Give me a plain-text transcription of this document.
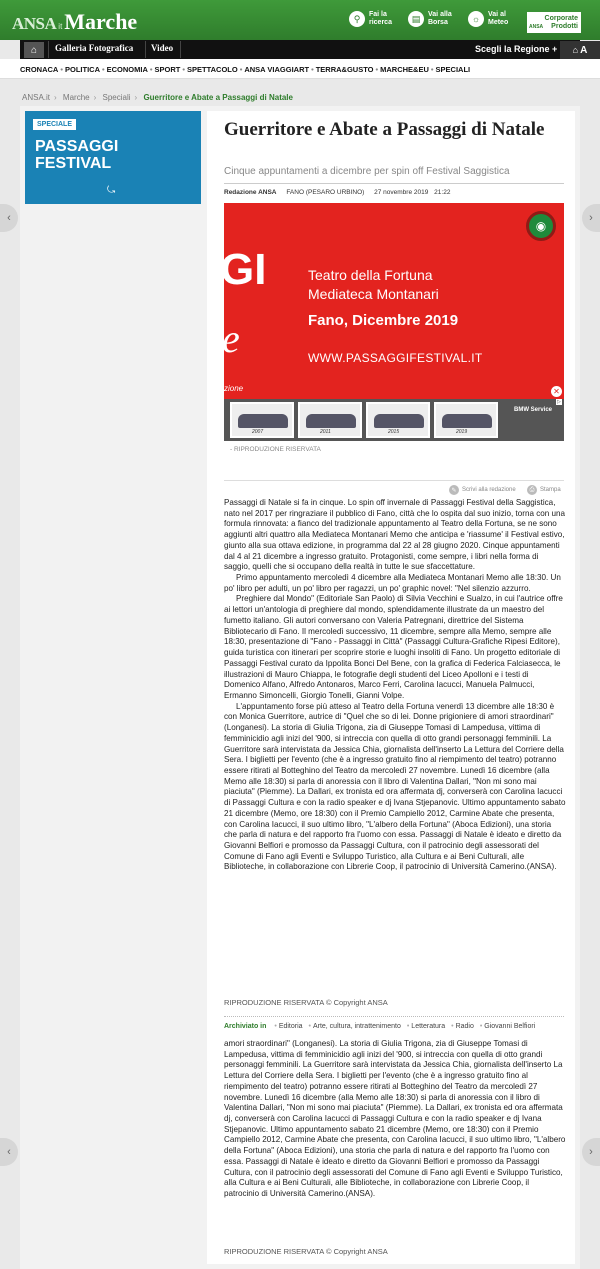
ANSA it Marche	⚲	Fai la
ricerca	▤	Vai alla
Borsa	☼	Vai al
Meteo
Corporate
Prodotti
ANSA
⌂	Galleria Fotografica Video	Scegli la Regione + ⌂ A
CRONACA • POLITICA • ECONOMIA • SPORT • SPETTACOLO • ANSA VIAGGIART • TERRA&GUSTO • MARCHE&EU • SPECIALI
ANSA.it › Marche › Speciali › Guerritore e Abate a Passaggi di Natale
SPECIALE
PASSAGGI
FESTIVAL
⤿
Guerritore e Abate a Passaggi di Natale
Cinque appuntamenti a dicembre per spin off Festival Saggistica
Redazione ANSA FANO (PESARO URBINO) 27 novembre 2019 21:22
GI
e
zione
Teatro della Fortuna
Mediateca Montanari
Fano, Dicembre 2019
WWW.PASSAGGIFESTIVAL.IT
◉
✕
2007	2011	2015	2019
BMW Service
▷
- RIPRODUZIONE RISERVATA
✎ Scrivi alla redazione	⎙ Stampa

Passaggi di Natale si fa in cinque. Lo spin off invernale di Passaggi Festival della Saggistica, nato nel 2017 per ringraziare il pubblico di Fano, città che lo ospita dal suo inizio, torna con una formula rinnovata: a fianco del tradizionale appuntamento al Teatro della Fortuna, se ne sono aggiunti altri quattro alla Mediateca Montanari Memo che anticipa e 'riassume' il Festival estivo, giunto alla sua ottava edizione, in programma dal 22 al 28 giugno 2020. Cinque appuntamenti dal 4 al 21 dicembre a ingresso gratuito. Protagonisti, come sempre, i libri nella forma di saggio, quelli che si occupano della realtà in tutte le sue sfaccettature.

Primo appuntamento mercoledì 4 dicembre alla Mediateca Montanari Memo alle 18:30. Un po' libro per adulti, un po' libro per ragazzi, un po' graphic novel: "Nel silenzio azzurro.

Preghiere dal Mondo" (Editoriale San Paolo) di Silvia Vecchini e Sualzo, in cui l'autrice offre ai lettori un'antologia di preghiere dal mondo, splendidamente illustrate da un maestro del fumetto italiano. Gli autori conversano con Valeria Patregnani, direttrice del Sistema Bibliotecario di Fano. Il mercoledì successivo, 11 dicembre, sempre alla Memo, sempre alle 18:30, presentazione di "Fano - Passaggi in Città" (Passaggi Cultura-Grafiche Ripesi Editore), guida turistica con itinerari per scoprire storie e luoghi insoliti di Fano. Un progetto editoriale di Passaggi Festival curato da Ippolita Bonci Del Bene, con la grafica di Federica Falciasecca, le illustrazioni di Mauro Chiappa, le fotografie degli studenti del Liceo Apolloni e i testi di Domenico Alfano, Alfredo Antonaros, Marco Ferri, Carolina Iacucci, Manuela Palmucci, Ermanno Simoncelli, Giorgio Tonelli, Gianni Volpe.

L'appuntamento forse più atteso al Teatro della Fortuna venerdì 13 dicembre alle 18:30 è con Monica Guerritore, autrice di "Quel che so di lei. Donne prigioniere di amori straordinari" (Longanesi). La storia di Giulia Trigona, zia di Giuseppe Tomasi di Lampedusa, vittima di femminicidio agli inizi del '900, si intreccia con quella di otto grandi personaggi femminili. La Guerritore sarà intervistata da Jessica Chia, giornalista dell'inserto La Lettura del Corriere della Sera. I biglietti per l'evento (che è a ingresso gratuito fino al riempimento del teatro) potranno essere ritirati al Botteghino del Teatro da mercoledì 27 novembre. Lunedì 16 dicembre (alla Memo alle 18:30) si parla di anoressia con il libro di Valentina Dallari, "Non mi sono mai piaciuta" (Piemme). La Dallari, ex tronista ed ora affermata dj, converserà con Carolina Iacucci di Passaggi Cultura e con la radio speaker e dj Ivana Stjepanovic. Ultimo appuntamento sabato 21 dicembre (Memo, ore 18:30) con il Premio Campiello 2012, Carmine Abate che presenta, con Carolina Iacucci, il suo ultimo libro, "L'albero della Fortuna" (Aboca Edizioni), una storia che parla di natura e del rapporto fra l'uomo con essa. Passaggi di Natale è ideato e diretto da Giovanni Belfiori e promosso da Passaggi Cultura, con il patrocinio degli assessorati del Comune di Fano agli Eventi e Sviluppo Turistico, alla Cultura e ai Beni Culturali, alle Biblioteche, in collaborazione con Librerie Coop, il patrocinio di Università Camerino.(ANSA).

RIPRODUZIONE RISERVATA © Copyright ANSA
Archiviato in • Editoria • Arte, cultura, intrattenimento • Letteratura • Radio • Giovanni Belfiori
amori straordinari" (Longanesi). La storia di Giulia Trigona, zia di Giuseppe Tomasi di Lampedusa, vittima di femminicidio agli inizi del '900, si intreccia con quella di otto grandi personaggi femminili. La Guerritore sarà intervistata da Jessica Chia, giornalista dell'inserto La Lettura del Corriere della Sera. I biglietti per l'evento (che è a ingresso gratuito fino al riempimento del teatro) potranno essere ritirati al Botteghino del Teatro da mercoledì 27 novembre. Lunedì 16 dicembre (alla Memo alle 18:30) si parla di anoressia con il libro di Valentina Dallari, "Non mi sono mai piaciuta" (Piemme). La Dallari, ex tronista ed ora affermata dj, converserà con Carolina Iacucci di Passaggi Cultura e con la radio speaker e dj Ivana Stjepanovic. Ultimo appuntamento sabato 21 dicembre (Memo, ore 18:30) con il Premio Campiello 2012, Carmine Abate che presenta, con Carolina Iacucci, il suo ultimo libro, "L'albero della Fortuna" (Aboca Edizioni), una storia che parla di natura e del rapporto fra l'uomo con essa. Passaggi di Natale è ideato e diretto da Giovanni Belfiori e promosso da Passaggi Cultura, con il patrocinio degli assessorati del Comune di Fano agli Eventi e Sviluppo Turistico, alla Cultura e ai Beni Culturali, alle Biblioteche, in collaborazione con Librerie Coop, il patrocinio di Università Camerino.(ANSA).
RIPRODUZIONE RISERVATA © Copyright ANSA
‹	›
‹	›
